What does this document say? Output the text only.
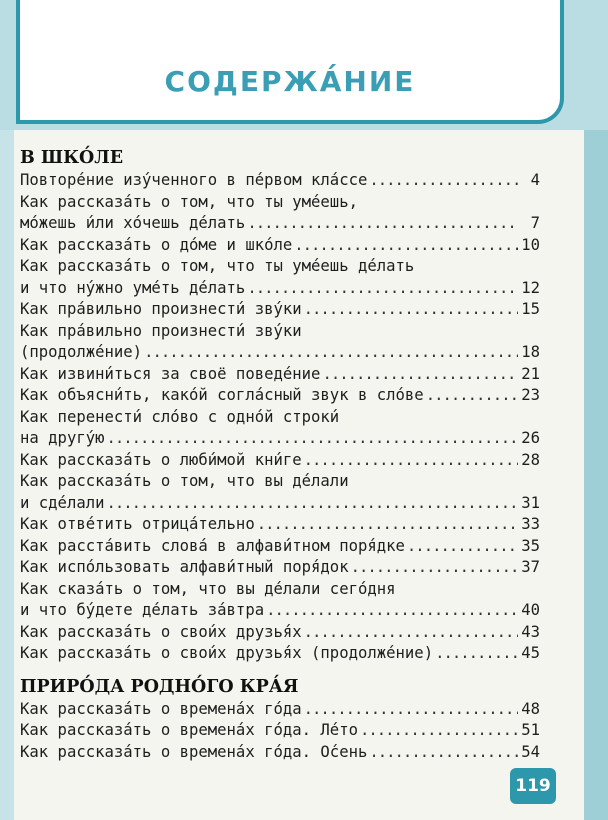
СОДЕРЖА́НИЕ
В ШКО́ЛЕ
Повторе́ние изу́ченного в пе́рвом кла́ссе .....	4
Как рассказа́ть о том, что ты уме́ешь,
мо́жешь и́ли хо́чешь де́лать .....	7
Как рассказа́ть о до́ме и шко́ле .....	10
Как рассказа́ть о том, что ты уме́ешь де́лать
и что ну́жно уме́ть де́лать .....	12
Как пра́вильно произнести́ зву́ки .....	15
Как пра́вильно произнести́ зву́ки
(продолже́ние) .....	18
Как извини́ться за своё поведе́ние .....	21
Как объясни́ть, како́й согла́сный звук в сло́ве .....	23
Как перенести́ сло́во с одно́й строки́
на другу́ю .....	26
Как рассказа́ть о люби́мой кни́ге .....	28
Как рассказа́ть о том, что вы де́лали
и сде́лали .....	31
Как отве́тить отрица́тельно .....	33
Как расста́вить слова́ в алфави́тном поря́дке .....	35
Как испо́льзовать алфави́тный поря́док .....	37
Как сказа́ть о том, что вы де́лали сего́дня
и что бу́дете де́лать за́втра .....	40
Как рассказа́ть о свои́х друзья́х .....	43
Как рассказа́ть о свои́х друзья́х (продолже́ние) .....	45
ПРИРО́ДА РОДНО́ГО КРА́Я
Как рассказа́ть о времена́х го́да .....	48
Как рассказа́ть о времена́х го́да. Ле́то .....	51
Как рассказа́ть о времена́х го́да. О́сень .....	54
119
